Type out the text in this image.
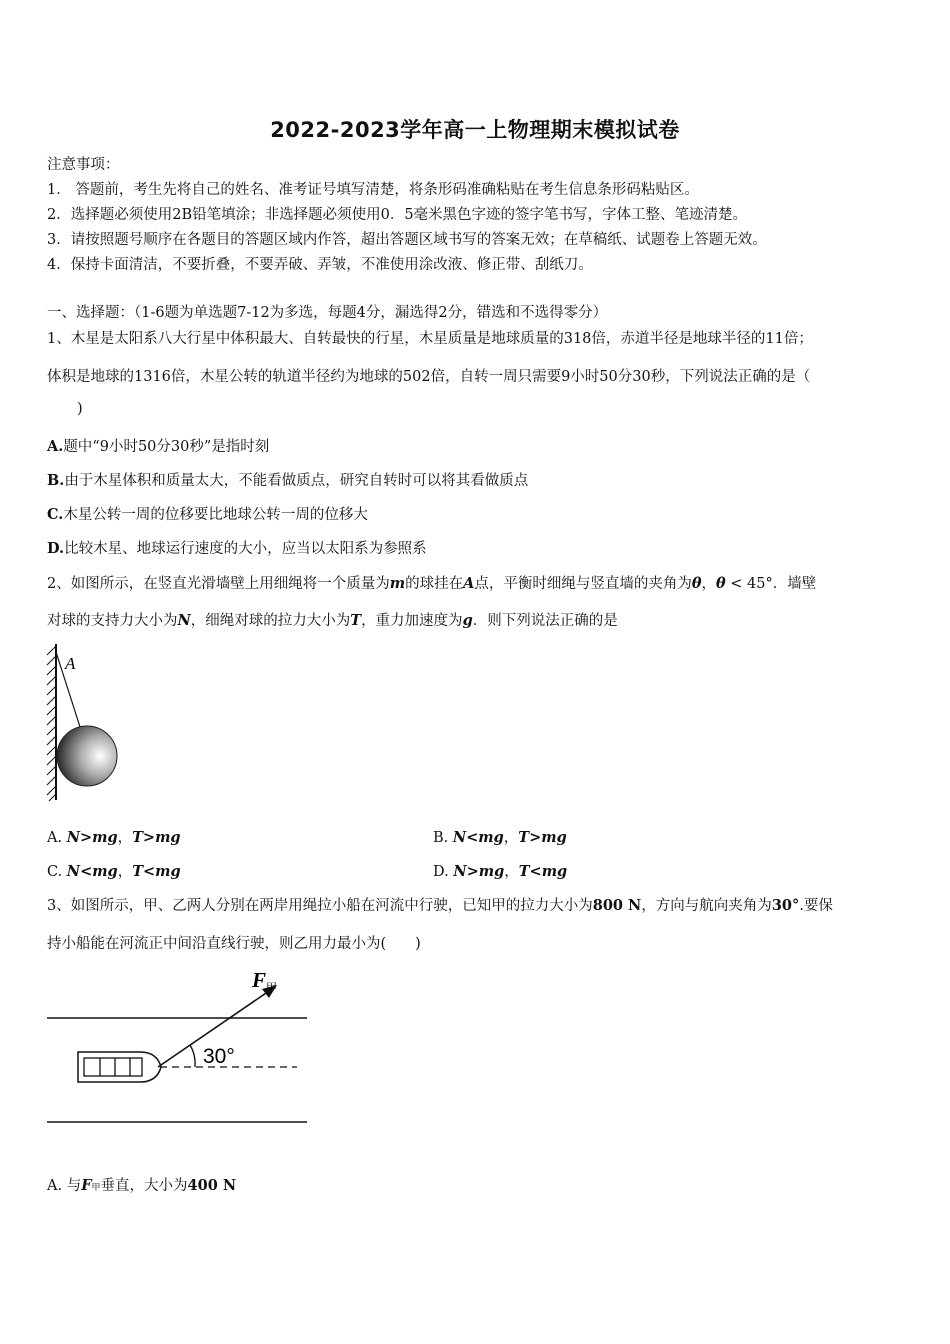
2022-2023学年高一上物理期末模拟试卷
注意事项：
1． 答题前，考生先将自己的姓名、准考证号填写清楚，将条形码准确粘贴在考生信息条形码粘贴区。
2．选择题必须使用2B铅笔填涂；非选择题必须使用0．5毫米黑色字迹的签字笔书写，字体工整、笔迹清楚。
3．请按照题号顺序在各题目的答题区域内作答，超出答题区域书写的答案无效；在草稿纸、试题卷上答题无效。
4．保持卡面清洁，不要折叠，不要弄破、弄皱，不准使用涂改液、修正带、刮纸刀。
一、选择题：（1-6题为单选题7-12为多选，每题4分，漏选得2分，错选和不选得零分）
1、木星是太阳系八大行星中体积最大、自转最快的行星，木星质量是地球质量的318倍，赤道半径是地球半径的11倍；
体积是地球的1316倍，木星公转的轨道半径约为地球的502倍，自转一周只需要9小时50分30秒，下列说法正确的是（
)
A.题中“9小时50分30秒”是指时刻
B.由于木星体积和质量太大，不能看做质点，研究自转时可以将其看做质点
C.木星公转一周的位移要比地球公转一周的位移大
D.比较木星、地球运行速度的大小，应当以太阳系为参照系
2、如图所示，在竖直光滑墙壁上用细绳将一个质量为m的球挂在A点，平衡时细绳与竖直墙的夹角为θ，θ < 45°．墙壁
对球的支持力大小为N，细绳对球的拉力大小为T，重力加速度为g．则下列说法正确的是
A
A. N>mg，T>mg	B. N<mg，T>mg
C. N<mg，T<mg	D. N>mg，T<mg
3、如图所示，甲、乙两人分别在两岸用绳拉小船在河流中行驶，已知甲的拉力大小为800 N，方向与航向夹角为30°.要保
持小船能在河流正中间沿直线行驶，则乙用力最小为(　　)
30°
F甲
A. 与F甲垂直，大小为400 N
